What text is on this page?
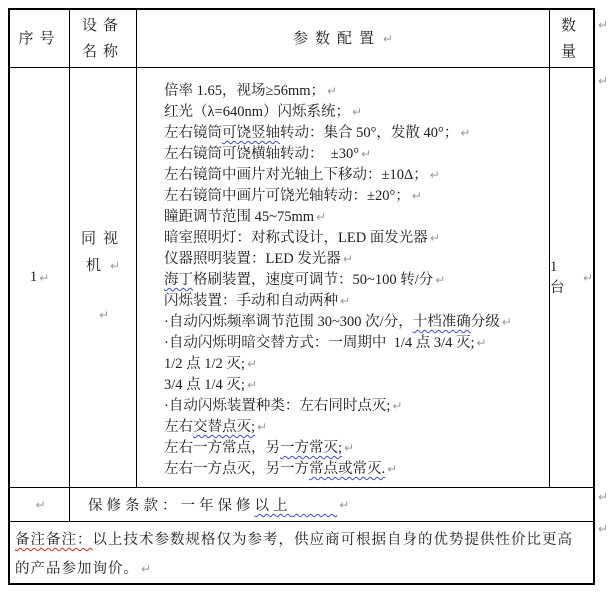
序号
设备
名称
参数配置 ↵
数
量
1 ↵
同视
机 ↵
↵
倍率 1.65，视场≥56mm； ↵
红光（λ=640nm）闪烁系统； ↵
左右镜筒可饶竖轴转动：集合 50°，发散 40°； ↵
左右镜筒可饶横轴转动：  ±30° ↵
左右镜筒中画片对光轴上下移动：±10Δ； ↵
左右镜筒中画片可饶光轴转动：±20°； ↵
瞳距调节范围 45~75mm ↵
暗室照明灯：对称式设计，LED 面发光器 ↵
仪器照明装置：LED 发光器 ↵
海丁格刷装置，速度可调节：50~100 转/分 ↵
闪烁装置：手动和自动两种 ↵
·自动闪烁频率调节范围 30~300 次/分，十档准确分级 ↵
·自动闪烁明暗交替方式：一周期中  1/4 点 3/4 灭; ↵
1/2 点 1/2 灭; ↵
3/4 点 1/4 灭; ↵
·自动闪烁装置种类：左右同时点灭; ↵
左右交替点灭; ↵
左右一方常点，另一方常灭; ↵
左右一方点灭，另一方常点或常灭. ↵
1 台
↵
↵	保修条款：一年保修以上	↵
备注备注：以上技术参数规格仅为参考，供应商可根据自身的优势提供性价比更高
的产品参加询价。 ↵
↵
↵
↵
↵
